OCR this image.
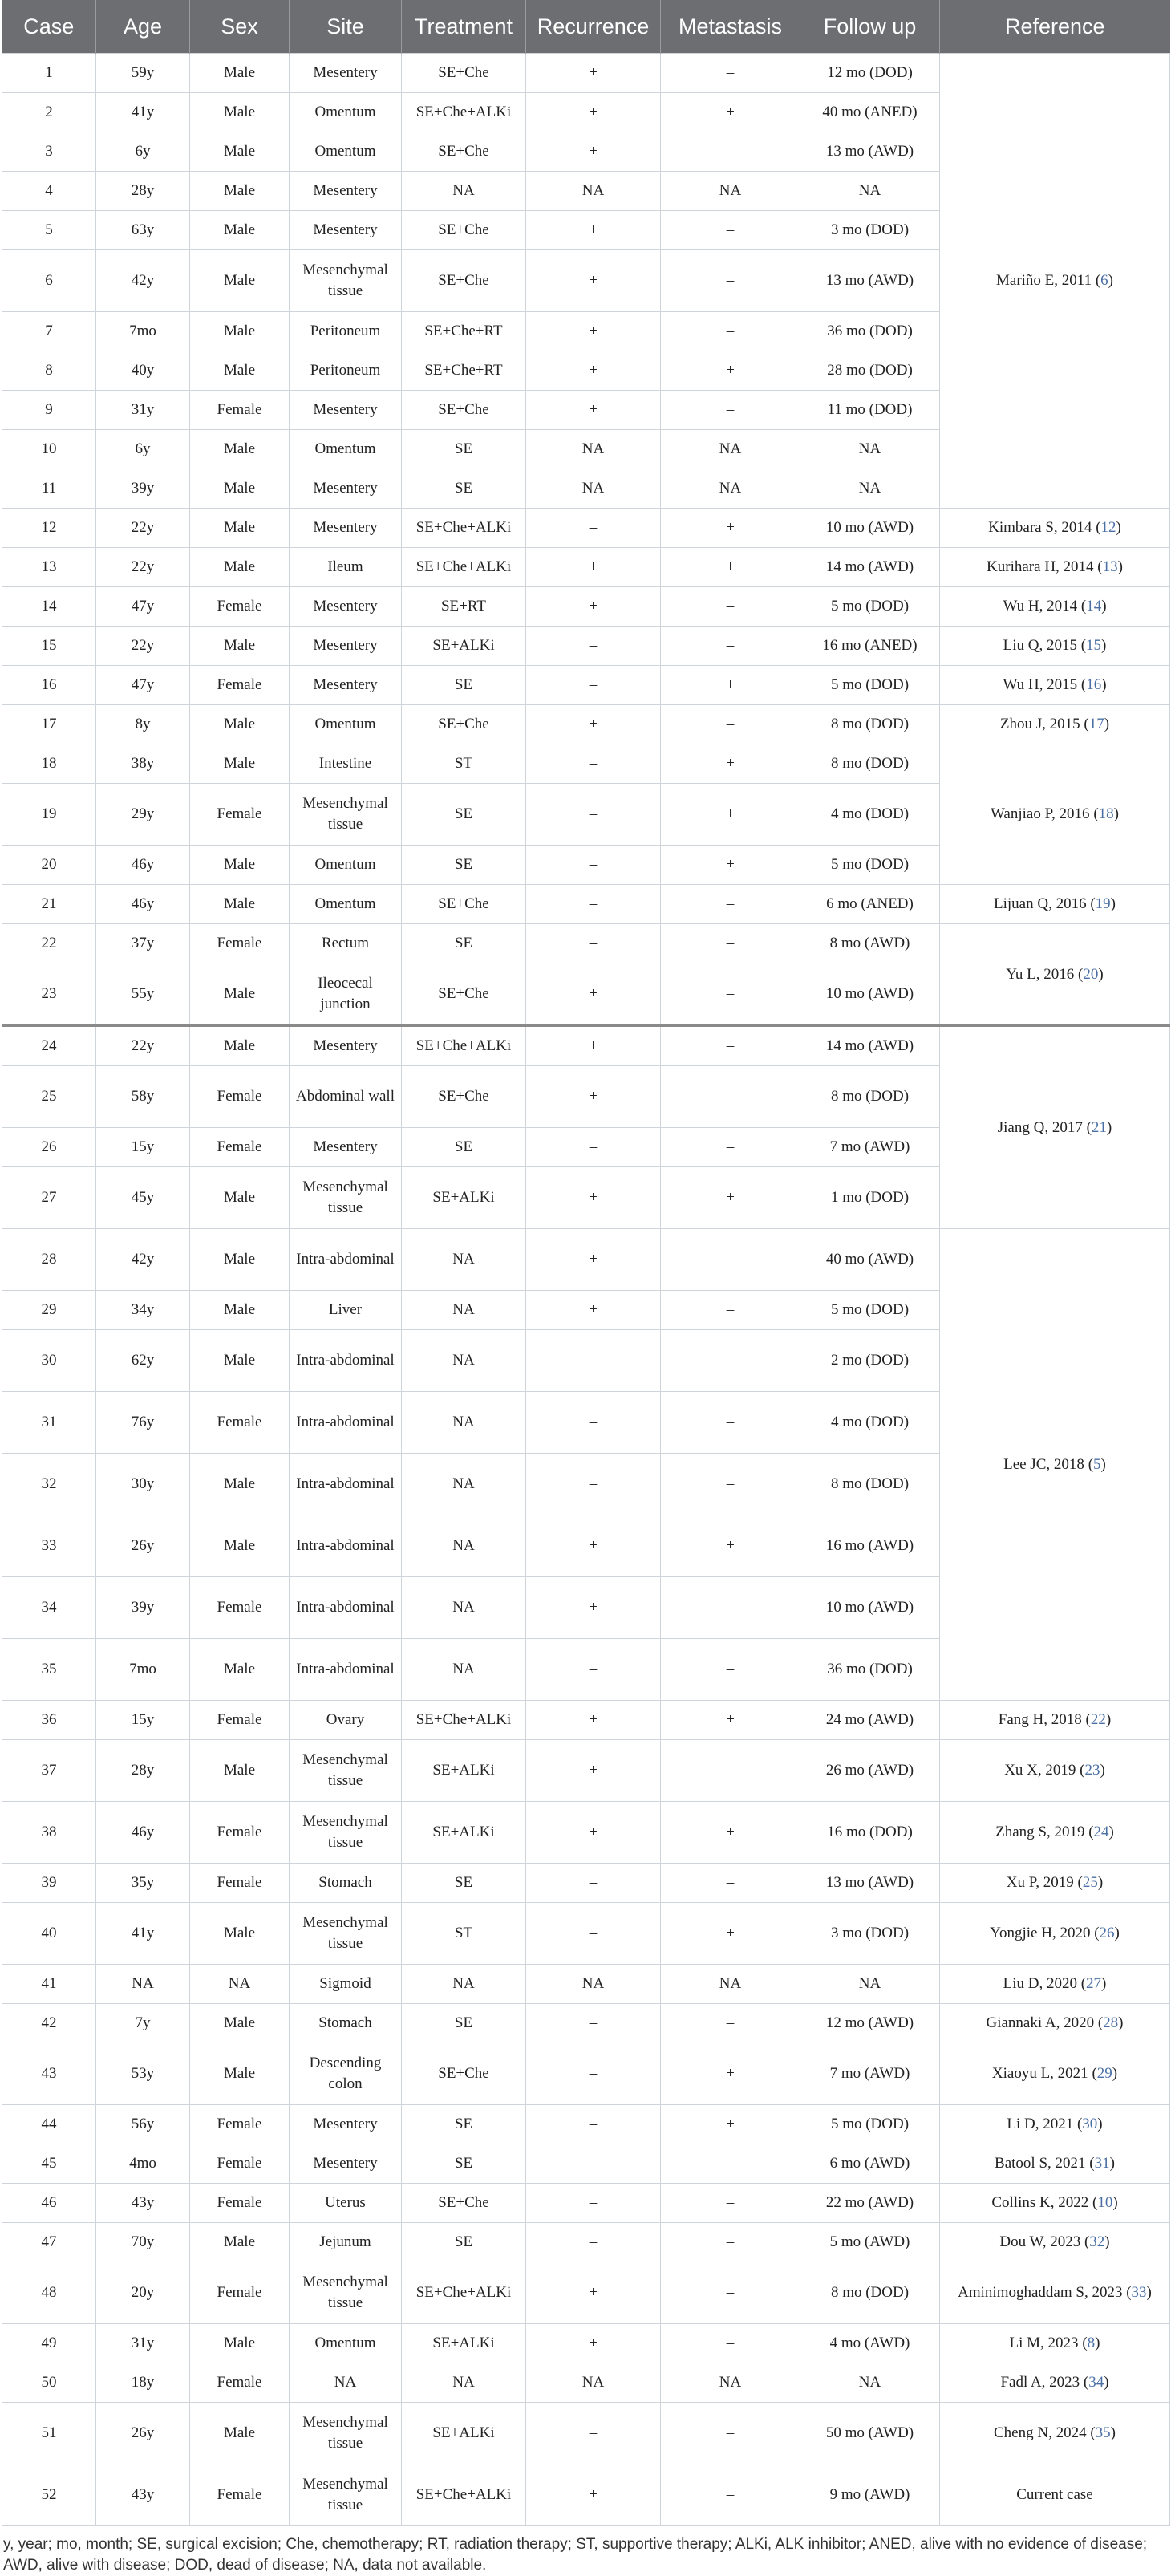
Case	Age	Sex	Site	Treatment	Recurrence	Metastasis	Follow up	Reference
1	59y	Male	Mesentery	SE+Che	+	–	12 mo (DOD)	Mariño E, 2011 (6)
2	41y	Male	Omentum	SE+Che+ALKi	+	+	40 mo (ANED)	
3	6y	Male	Omentum	SE+Che	+	–	13 mo (AWD)	
4	28y	Male	Mesentery	NA	NA	NA	NA	
5	63y	Male	Mesentery	SE+Che	+	–	3 mo (DOD)	
6	42y	Male	Mesenchymal tissue	SE+Che	+	–	13 mo (AWD)	
7	7mo	Male	Peritoneum	SE+Che+RT	+	–	36 mo (DOD)	
8	40y	Male	Peritoneum	SE+Che+RT	+	+	28 mo (DOD)	
9	31y	Female	Mesentery	SE+Che	+	–	11 mo (DOD)	
10	6y	Male	Omentum	SE	NA	NA	NA	
11	39y	Male	Mesentery	SE	NA	NA	NA	
12	22y	Male	Mesentery	SE+Che+ALKi	–	+	10 mo (AWD)	Kimbara S, 2014 (12)
13	22y	Male	Ileum	SE+Che+ALKi	+	+	14 mo (AWD)	Kurihara H, 2014 (13)
14	47y	Female	Mesentery	SE+RT	+	–	5 mo (DOD)	Wu H, 2014 (14)
15	22y	Male	Mesentery	SE+ALKi	–	–	16 mo (ANED)	Liu Q, 2015 (15)
16	47y	Female	Mesentery	SE	–	+	5 mo (DOD)	Wu H, 2015 (16)
17	8y	Male	Omentum	SE+Che	+	–	8 mo (DOD)	Zhou J, 2015 (17)
18	38y	Male	Intestine	ST	–	+	8 mo (DOD)	Wanjiao P, 2016 (18)
19	29y	Female	Mesenchymal tissue	SE	–	+	4 mo (DOD)	
20	46y	Male	Omentum	SE	–	+	5 mo (DOD)	
21	46y	Male	Omentum	SE+Che	–	–	6 mo (ANED)	Lijuan Q, 2016 (19)
22	37y	Female	Rectum	SE	–	–	8 mo (AWD)	Yu L, 2016 (20)
23	55y	Male	Ileocecal junction	SE+Che	+	–	10 mo (AWD)	
24	22y	Male	Mesentery	SE+Che+ALKi	+	–	14 mo (AWD)	Jiang Q, 2017 (21)
25	58y	Female	Abdominal wall	SE+Che	+	–	8 mo (DOD)	
26	15y	Female	Mesentery	SE	–	–	7 mo (AWD)	
27	45y	Male	Mesenchymal tissue	SE+ALKi	+	+	1 mo (DOD)	
28	42y	Male	Intra-abdominal	NA	+	–	40 mo (AWD)	Lee JC, 2018 (5)
29	34y	Male	Liver	NA	+	–	5 mo (DOD)	
30	62y	Male	Intra-abdominal	NA	–	–	2 mo (DOD)	
31	76y	Female	Intra-abdominal	NA	–	–	4 mo (DOD)	
32	30y	Male	Intra-abdominal	NA	–	–	8 mo (DOD)	
33	26y	Male	Intra-abdominal	NA	+	+	16 mo (AWD)	
34	39y	Female	Intra-abdominal	NA	+	–	10 mo (AWD)	
35	7mo	Male	Intra-abdominal	NA	–	–	36 mo (DOD)	
36	15y	Female	Ovary	SE+Che+ALKi	+	+	24 mo (AWD)	Fang H, 2018 (22)
37	28y	Male	Mesenchymal tissue	SE+ALKi	+	–	26 mo (AWD)	Xu X, 2019 (23)
38	46y	Female	Mesenchymal tissue	SE+ALKi	+	+	16 mo (DOD)	Zhang S, 2019 (24)
39	35y	Female	Stomach	SE	–	–	13 mo (AWD)	Xu P, 2019 (25)
40	41y	Male	Mesenchymal tissue	ST	–	+	3 mo (DOD)	Yongjie H, 2020 (26)
41	NA	NA	Sigmoid	NA	NA	NA	NA	Liu D, 2020 (27)
42	7y	Male	Stomach	SE	–	–	12 mo (AWD)	Giannaki A, 2020 (28)
43	53y	Male	Descending colon	SE+Che	–	+	7 mo (AWD)	Xiaoyu L, 2021 (29)
44	56y	Female	Mesentery	SE	–	+	5 mo (DOD)	Li D, 2021 (30)
45	4mo	Female	Mesentery	SE	–	–	6 mo (AWD)	Batool S, 2021 (31)
46	43y	Female	Uterus	SE+Che	–	–	22 mo (AWD)	Collins K, 2022 (10)
47	70y	Male	Jejunum	SE	–	–	5 mo (AWD)	Dou W, 2023 (32)
48	20y	Female	Mesenchymal tissue	SE+Che+ALKi	+	–	8 mo (DOD)	Aminimoghaddam S, 2023 (33)
49	31y	Male	Omentum	SE+ALKi	+	–	4 mo (AWD)	Li M, 2023 (8)
50	18y	Female	NA	NA	NA	NA	NA	Fadl A, 2023 (34)
51	26y	Male	Mesenchymal tissue	SE+ALKi	–	–	50 mo (AWD)	Cheng N, 2024 (35)
52	43y	Female	Mesenchymal tissue	SE+Che+ALKi	+	–	9 mo (AWD)	Current case
y, year; mo, month; SE, surgical excision; Che, chemotherapy; RT, radiation therapy; ST, supportive therapy; ALKi, ALK inhibitor; ANED, alive with no evidence of disease; AWD, alive with disease; DOD, dead of disease; NA, data not available.
